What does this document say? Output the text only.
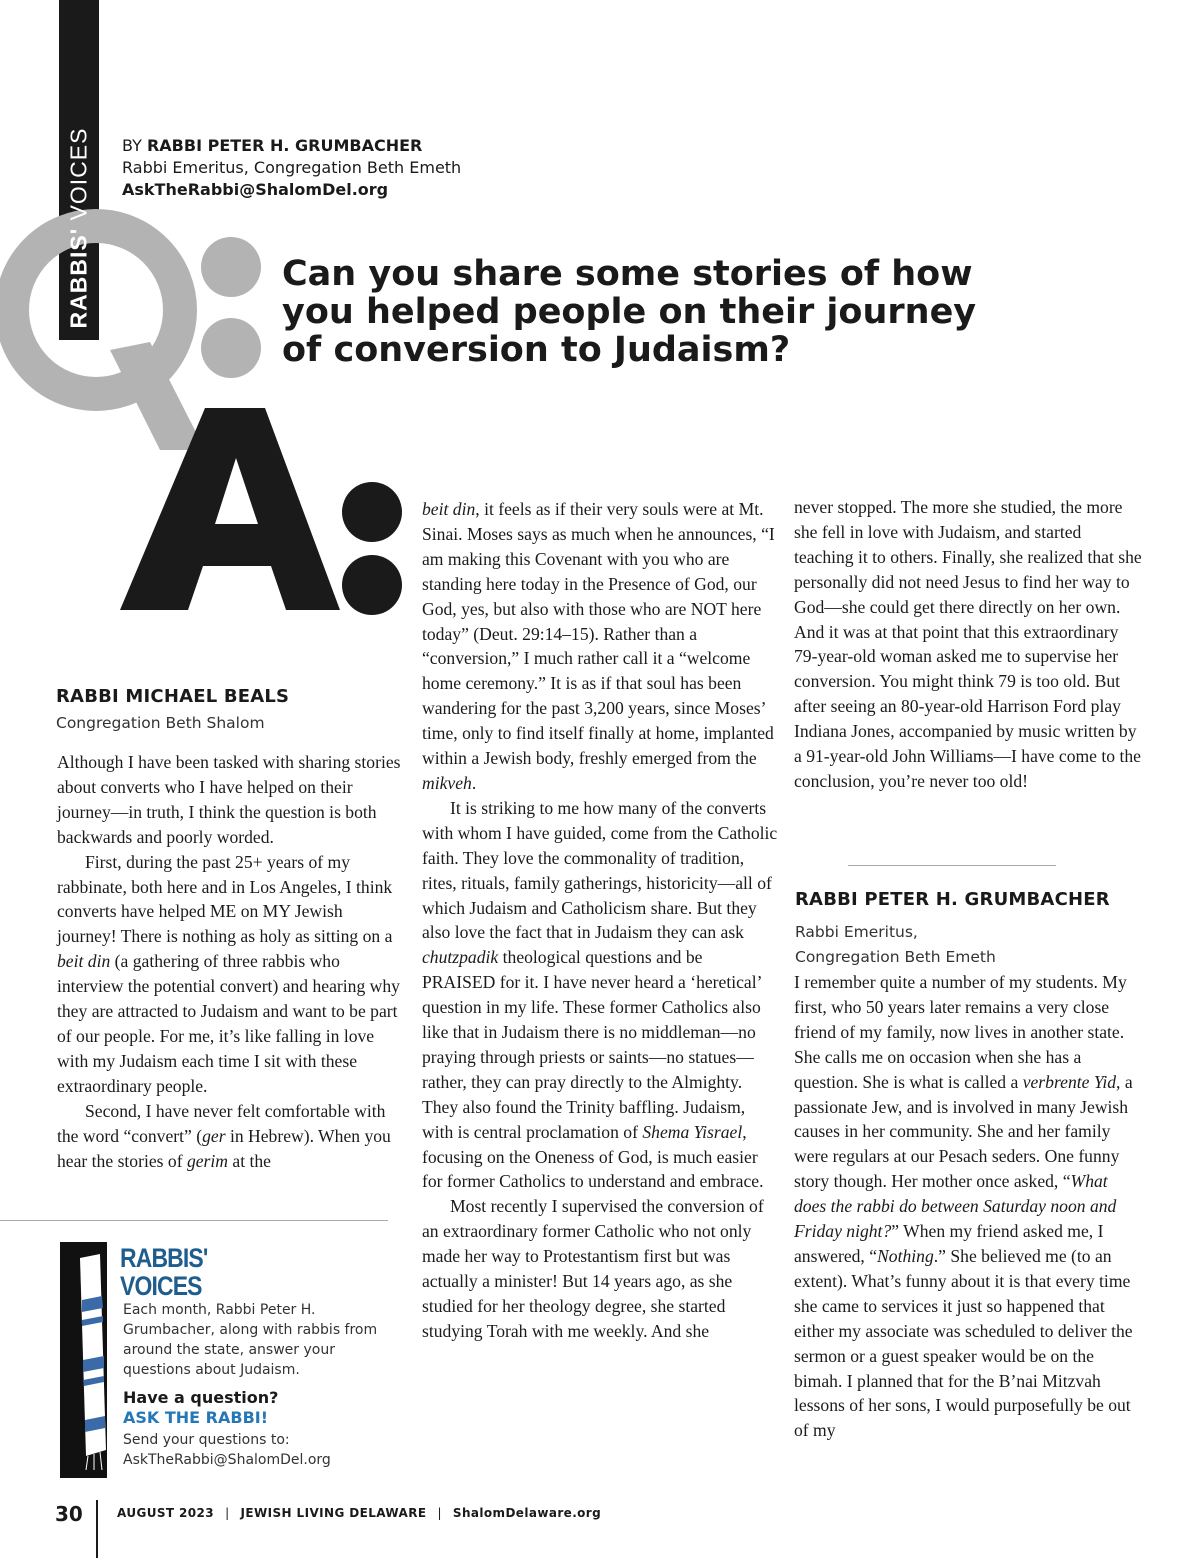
RABBIS' VOICES BY RABBI PETER H. GRUMBACHER
Rabbi Emeritus, Congregation Beth Emeth
AskTheRabbi@ShalomDel.org
Can you share some stories of how you helped people on their journey of conversion to Judaism?
RABBI MICHAEL BEALS
Congregation Beth Shalom

Although I have been tasked with sharing stories about converts who I have helped on their journey—in truth, I think the question is both backwards and poorly worded.

First, during the past 25+ years of my rabbinate, both here and in Los Angeles, I think converts have helped ME on MY Jewish journey! There is nothing as holy as sitting on a beit din (a gathering of three rabbis who interview the potential convert) and hearing why they are attracted to Judaism and want to be part of our people. For me, it’s like falling in love with my Judaism each time I sit with these extraordinary people.

Second, I have never felt comfortable with the word “convert” (ger in Hebrew). When you hear the stories of gerim at the

beit din, it feels as if their very souls were at Mt. Sinai. Moses says as much when he announces, “I am making this Covenant with you who are standing here today in the Presence of God, our God, yes, but also with those who are NOT here today” (Deut. 29:14–15). Rather than a “conversion,” I much rather call it a “welcome home ceremony.” It is as if that soul has been wandering for the past 3,200 years, since Moses’ time, only to find itself finally at home, implanted within a Jewish body, freshly emerged from the mikveh.

It is striking to me how many of the converts with whom I have guided, come from the Catholic faith. They love the commonality of tradition, rites, rituals, family gatherings, historicity—all of which Judaism and Catholicism share. But they also love the fact that in Judaism they can ask chutzpadik theological questions and be PRAISED for it. I have never heard a ‘heretical’ question in my life. These former Catholics also like that in Judaism there is no middleman—no praying through priests or saints—no statues—rather, they can pray directly to the Almighty. They also found the Trinity baffling. Judaism, with is central proclamation of Shema Yisrael, focusing on the Oneness of God, is much easier for former Catholics to understand and embrace.

Most recently I supervised the conversion of an extraordinary former Catholic who not only made her way to Protestantism first but was actually a minister! But 14 years ago, as she studied for her theology degree, she started studying Torah with me weekly. And she

never stopped. The more she studied, the more she fell in love with Judaism, and started teaching it to others. Finally, she realized that she personally did not need Jesus to find her way to God—she could get there directly on her own. And it was at that point that this extraordinary 79-year-old woman asked me to supervise her conversion. You might think 79 is too old. But after seeing an 80-year-old Harrison Ford play Indiana Jones, accompanied by music written by a 91-year-old John Williams—I have come to the conclusion, you’re never too old!

RABBI PETER H. GRUMBACHER
Rabbi Emeritus,
Congregation Beth Emeth

I remember quite a number of my students. My first, who 50 years later remains a very close friend of my family, now lives in another state. She calls me on occasion when she has a question. She is what is called a verbrente Yid, a passionate Jew, and is involved in many Jewish causes in her community. She and her family were regulars at our Pesach seders. One funny story though. Her mother once asked, “What does the rabbi do between Saturday noon and Friday night?” When my friend asked me, I answered, “Nothing.” She believed me (to an extent). What’s funny about it is that every time she came to services it just so happened that either my associate was scheduled to deliver the sermon or a guest speaker would be on the bimah. I planned that for the B’nai Mitzvah lessons of her sons, I would purposefully be out of my

RABBIS'
VOICES
Each month, Rabbi Peter H. Grumbacher, along with rabbis from around the state, answer your questions about Judaism.
Have a question?
ASK THE RABBI!
Send your questions to:
AskTheRabbi@ShalomDel.org
30	AUGUST 2023 | JEWISH LIVING DELAWARE | ShalomDelaware.org
